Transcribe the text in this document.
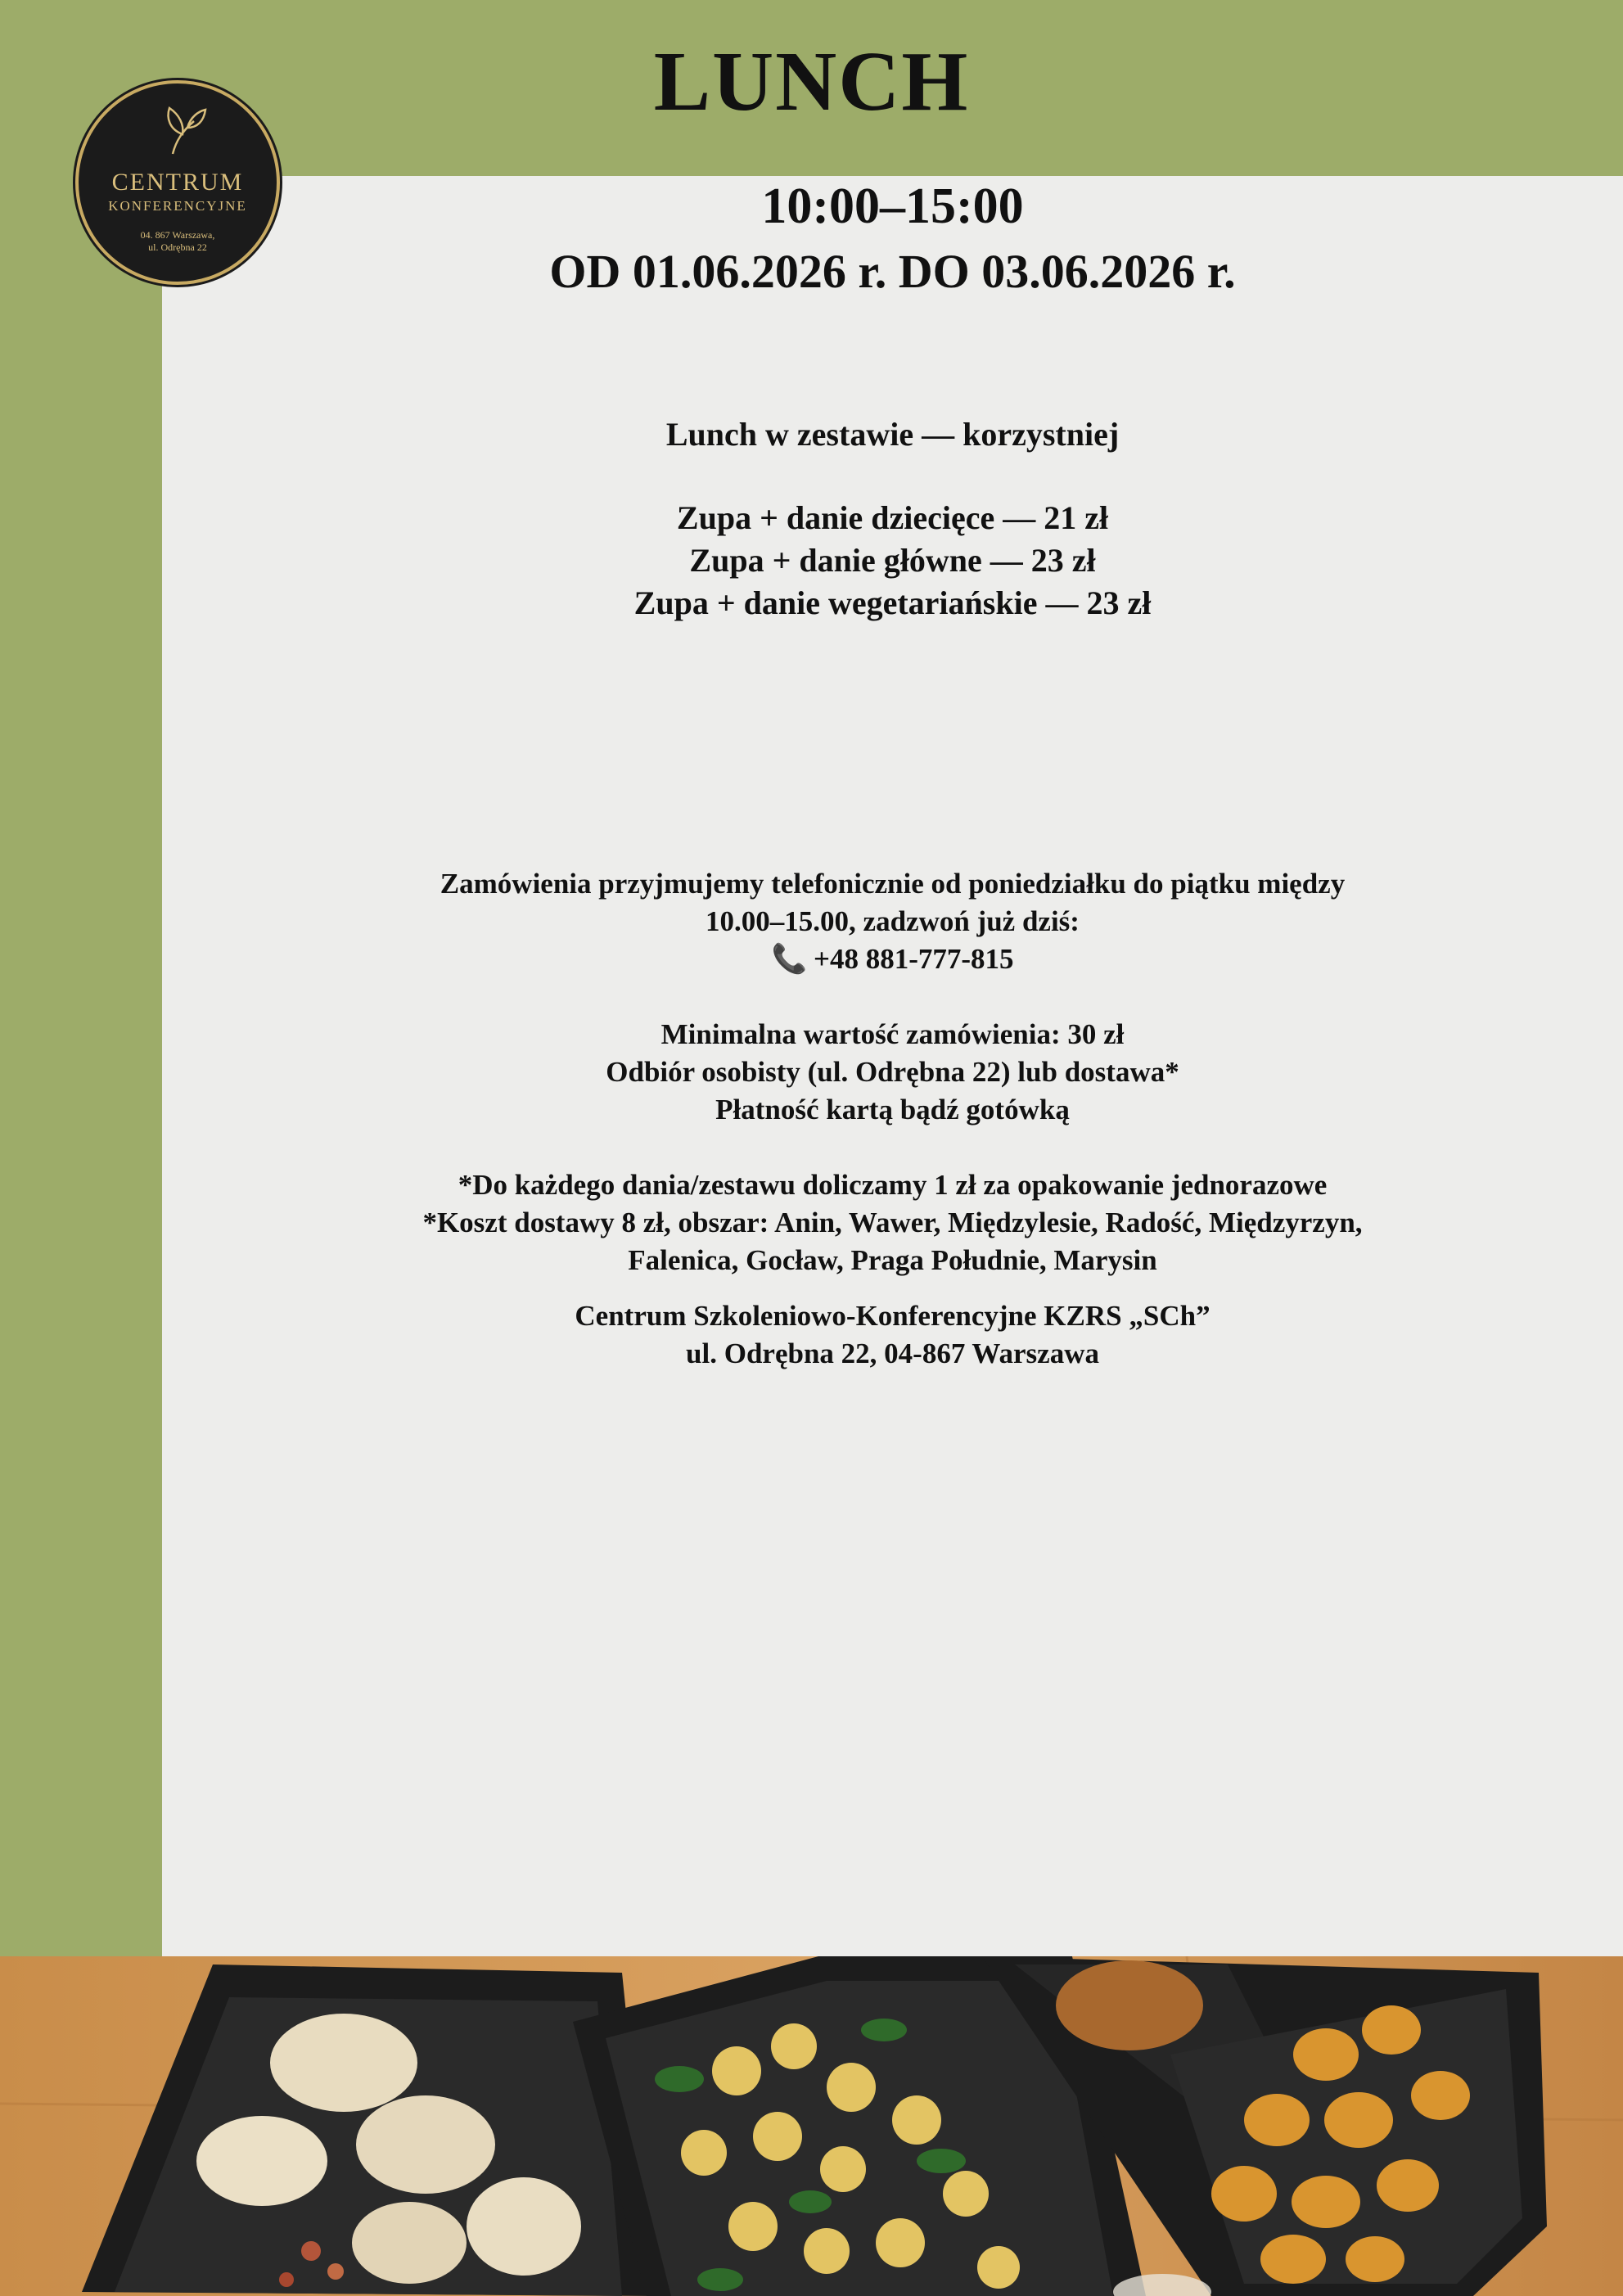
LUNCH
10:00–15:00
OD 01.06.2026 r. DO 03.06.2026 r.
CENTRUM
KONFERENCYJNE
04. 867 Warszawa,
ul. Odrębna 22
Lunch w zestawie — korzystniej
Zupa + danie dziecięce — 21 zł
Zupa + danie główne — 23 zł
Zupa + danie wegetariańskie — 23 zł
Zamówienia przyjmujemy telefonicznie od poniedziałku do piątku między
10.00–15.00, zadzwoń już dziś:
📞 +48 881-777-815
Minimalna wartość zamówienia: 30 zł
Odbiór osobisty (ul. Odrębna 22) lub dostawa*
Płatność kartą bądź gotówką
*Do każdego dania/zestawu doliczamy 1 zł za opakowanie jednorazowe
*Koszt dostawy 8 zł, obszar: Anin, Wawer, Międzylesie, Radość, Międzyrzyn,
Falenica, Gocław, Praga Południe, Marysin
Centrum Szkoleniowo-Konferencyjne KZRS „SCh”
ul. Odrębna 22, 04-867 Warszawa
